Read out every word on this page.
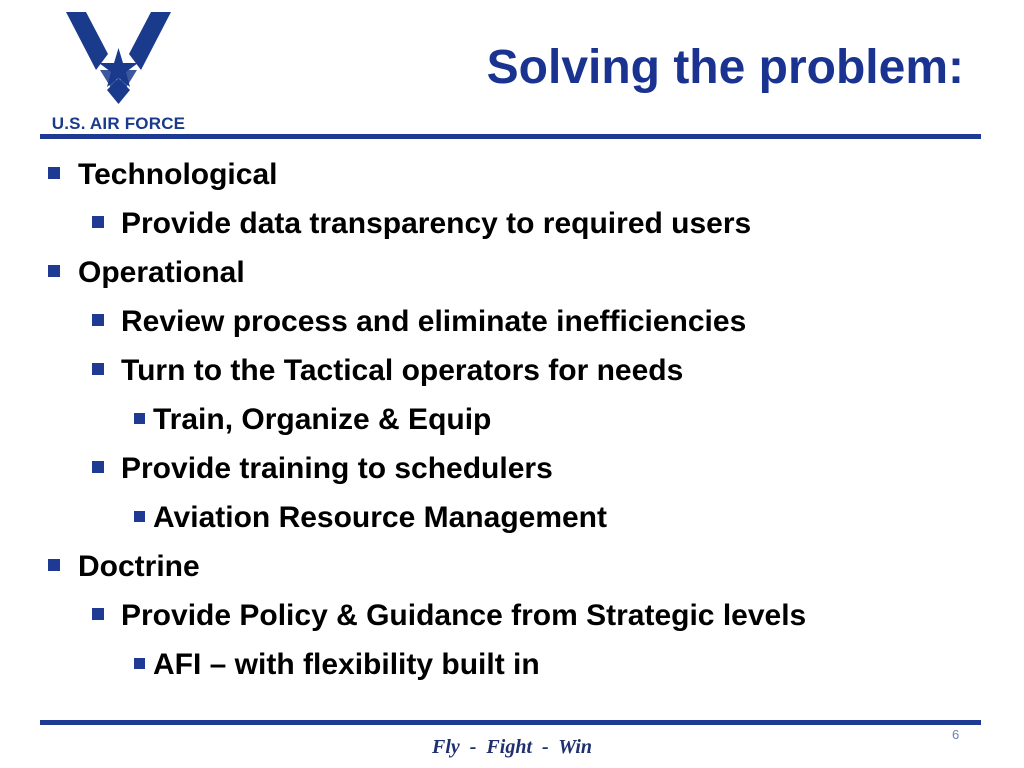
U.S. AIR FORCE
Solving the problem:
Technological
Provide data transparency to required users
Operational
Review process and eliminate inefficiencies
Turn to the Tactical operators for needs
Train, Organize & Equip
Provide training to schedulers
Aviation Resource Management
Doctrine
Provide Policy & Guidance from Strategic levels
AFI – with flexibility built in
6
Fly  -  Fight  -  Win
